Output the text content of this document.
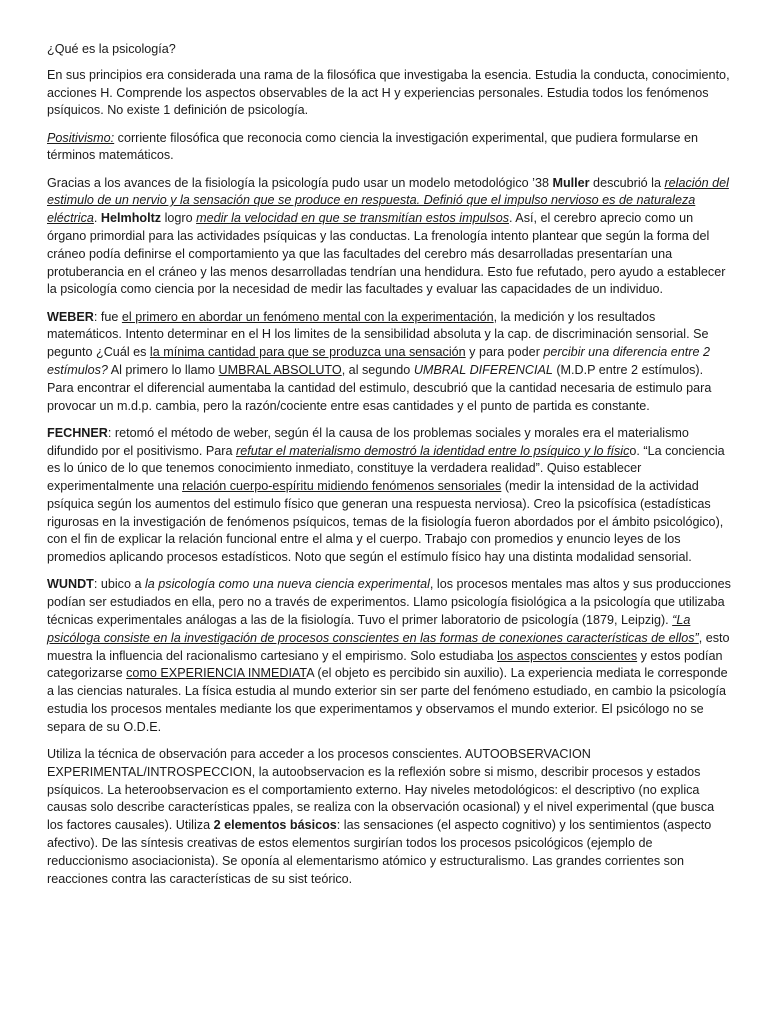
¿Qué es la psicología?

En sus principios era considerada una rama de la filosófica que investigaba la esencia. Estudia la conducta, conocimiento, acciones H. Comprende los aspectos observables de la act H y experiencias personales. Estudia todos los fenómenos psíquicos. No existe 1 definición de psicología.

Positivismo: corriente filosófica que reconocia como ciencia la investigación experimental, que pudiera formularse en términos matemáticos.

Gracias a los avances de la fisiología la psicología pudo usar un modelo metodológico ’38 Muller descubrió la relación del estimulo de un nervio y la sensación que se produce en respuesta. Definió que el impulso nervioso es de naturaleza eléctrica. Helmholtz logro medir la velocidad en que se transmitían estos impulsos. Así, el cerebro aprecio como un órgano primordial para las actividades psíquicas y las conductas. La frenología intento plantear que según la forma del cráneo podía definirse el comportamiento ya que las facultades del cerebro más desarrolladas presentarían una protuberancia en el cráneo y las menos desarrolladas tendrían una hendidura. Esto fue refutado, pero ayudo a establecer la psicología como ciencia por la necesidad de medir las facultades y evaluar las capacidades de un individuo.

WEBER: fue el primero en abordar un fenómeno mental con la experimentación, la medición y los resultados matemáticos. Intento determinar en el H los limites de la sensibilidad absoluta y la cap. de discriminación sensorial. Se pegunto ¿Cuál es la mínima cantidad para que se produzca una sensación y para poder percibir una diferencia entre 2 estímulos? Al primero lo llamo UMBRAL ABSOLUTO, al segundo UMBRAL DIFERENCIAL (M.D.P entre 2 estímulos). Para encontrar el diferencial aumentaba la cantidad del estimulo, descubrió que la cantidad necesaria de estimulo para provocar un m.d.p. cambia, pero la razón/cociente entre esas cantidades y el punto de partida es constante.

FECHNER: retomó el método de weber, según él la causa de los problemas sociales y morales era el materialismo difundido por el positivismo. Para refutar el materialismo demostró la identidad entre lo psíquico y lo físico. “La conciencia es lo único de lo que tenemos conocimiento inmediato, constituye la verdadera realidad”. Quiso establecer experimentalmente una relación cuerpo-espíritu midiendo fenómenos sensoriales (medir la intensidad de la actividad psíquica según los aumentos del estimulo físico que generan una respuesta nerviosa). Creo la psicofísica (estadísticas rigurosas en la investigación de fenómenos psíquicos, temas de la fisiología fueron abordados por el ámbito psicológico), con el fin de explicar la relación funcional entre el alma y el cuerpo. Trabajo con promedios y enuncio leyes de los promedios aplicando procesos estadísticos. Noto que según el estímulo físico hay una distinta modalidad sensorial.

WUNDT: ubico a la psicología como una nueva ciencia experimental, los procesos mentales mas altos y sus producciones podían ser estudiados en ella, pero no a través de experimentos. Llamo psicología fisiológica a la psicología que utilizaba técnicas experimentales análogas a las de la fisiología. Tuvo el primer laboratorio de psicología (1879, Leipzig). “La psicóloga consiste en la investigación de procesos conscientes en las formas de conexiones características de ellos”, esto muestra la influencia del racionalismo cartesiano y el empirismo. Solo estudiaba los aspectos conscientes y estos podían categorizarse como EXPERIENCIA INMEDIATA (el objeto es percibido sin auxilio). La experiencia mediata le corresponde a las ciencias naturales. La física estudia al mundo exterior sin ser parte del fenómeno estudiado, en cambio la psicología estudia los procesos mentales mediante los que experimentamos y observamos el mundo exterior. El psicólogo no se separa de su O.D.E.

Utiliza la técnica de observación para acceder a los procesos conscientes. AUTOOBSERVACION EXPERIMENTAL/INTROSPECCION, la autoobservacion es la reflexión sobre si mismo, describir procesos y estados psíquicos. La heteroobservacion es el comportamiento externo. Hay niveles metodológicos: el descriptivo (no explica causas solo describe características ppales, se realiza con la observación ocasional) y el nivel experimental (que busca los factores causales). Utiliza 2 elementos básicos: las sensaciones (el aspecto cognitivo) y los sentimientos (aspecto afectivo). De las síntesis creativas de estos elementos surgirían todos los procesos psicológicos (ejemplo de reduccionismo asociacionista). Se oponía al elementarismo atómico y estructuralismo. Las grandes corrientes son reacciones contra las características de su sist teórico.
